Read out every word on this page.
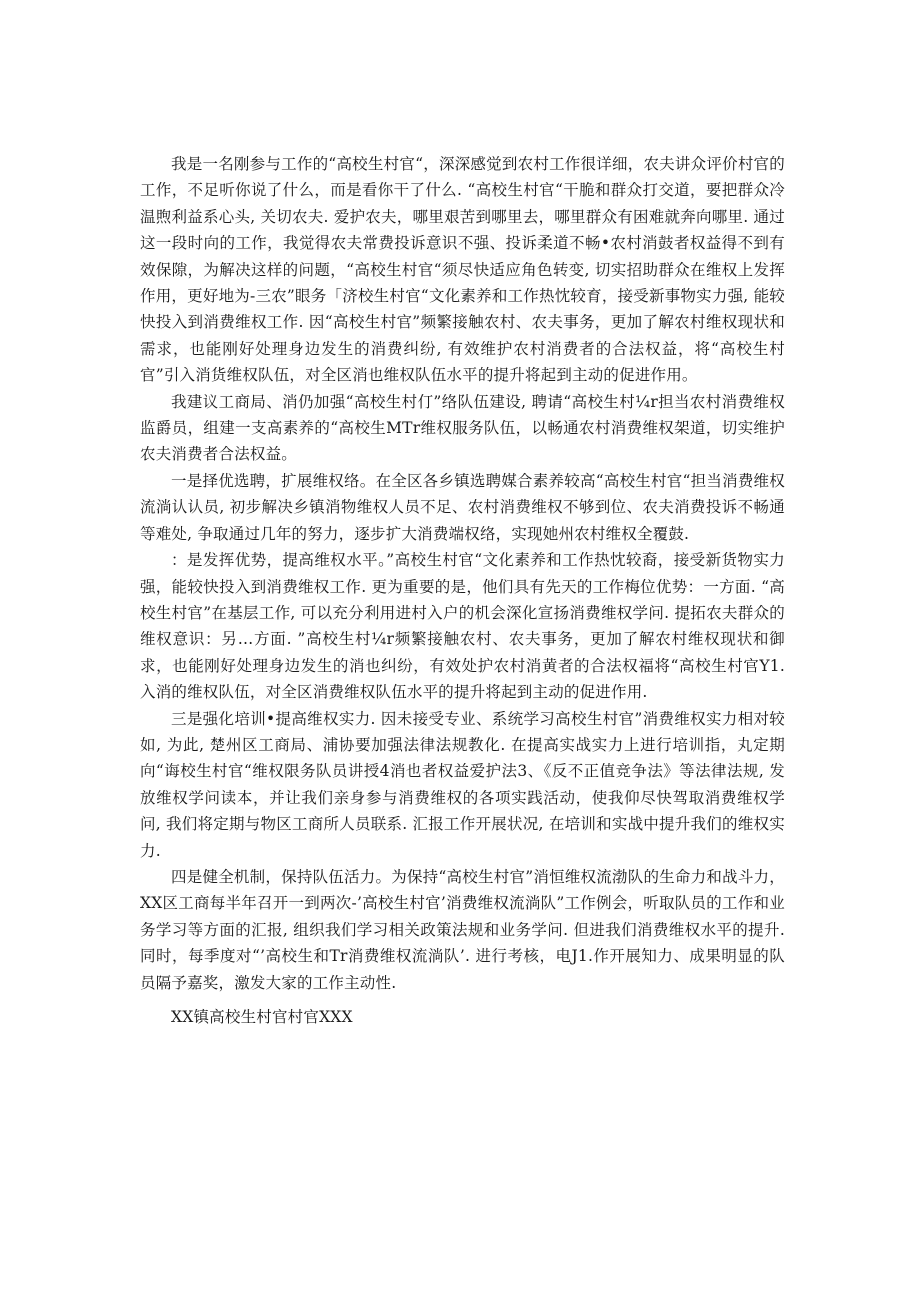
我是一名刚参与工作的“高校生村官“，深深感觉到农村工作很详细，农夫讲众评价村官的工作，不足听你说了什么，而是看你干了什么. “高校生村官“干脆和群众打交道，要把群众冷温煦利益系心头, 关切农夫. 爱护农夫，哪里艰苦到哪里去，哪里群众有困难就奔向哪里. 通过这一段时向的工作，我觉得农夫常费投诉意识不强、投诉柔道不畅•农村消鼓者权益得不到有效保隙，为解决这样的问题，“高校生村官“须尽快适应角色转变, 切实招助群众在维权上发挥作用，更好地为-三农”眼务「济校生村官“文化素养和工作热忱较育，接受新事物实力强, 能较快投入到消费维权工作. 因“高校生村官”频繁接触农村、农夫事务，更加了解农村维权现状和需求，也能刚好处理身边发生的消费纠纷, 有效维护农村消费者的合法权益，将“高校生村官”引入消货维权队伍，对全区消也维权队伍水平的提升将起到主动的促进作用。

我建议工商局、消仍加强“高校生村仃”络队伍建设, 聘请“高校生村¼r担当农村消费维权监爵员，组建一支高素养的“高校生MTr维权服务队伍，以畅通农村消费维权架道，切实维护农夫消费者合法权益。

一是择优选聘，扩展维权络。在全区各乡镇选聘媒合素养较高“高校生村官“担当消费维权流淌认认员, 初步解决乡镇消物维权人员不足、农村消费维权不够到位、农夫消费投诉不畅通等难处, 争取通过几年的努力，逐步扩大消费端权络，实现她州农村维权全覆鼓.

：是发挥优势，提高维权水平。”高校生村官“文化素养和工作热忱较裔，接受新货物实力强，能较快投入到消费维权工作. 更为重要的是，他们具有先天的工作梅位优势：一方面. “高校生村官”在基层工作, 可以充分利用进村入户的机会深化宣扬消费维权学问. 提拓农夫群众的维权意识：另…方面. ”高校生村¼r频繁接触农村、农夫事务，更加了解农村维权现状和御求，也能刚好处理身边发生的消也纠纷，有效处护农村消黄者的合法权福将“高校生村官Y1.入消的维权队伍，对全区消费维权队伍水平的提升将起到主动的促进作用.

三是强化培训•提高维权实力. 因未接受专业、系统学习高校生村官”消费维权实力相对较如, 为此, 楚州区工商局、浦协要加强法律法规教化. 在提高实战实力上进行培训指，丸定期向“诲校生村官“维权限务队员讲授4消也者权益爱护法3、《反不正值竞争法》等法律法规, 发放维权学问读本，并让我们亲身参与消费维权的各项实践活动，使我仰尽快驾取消费维权学问, 我们将定期与物区工商所人员联系. 汇报工作开展状况, 在培训和实战中提升我们的维权实力.

四是健全机制，保持队伍活力。为保持“高校生村官”消恒维权流渤队的生命力和战斗力，XX区工商每半年召开一到两次-’高校生村官’消费维权流淌队”工作例会，听取队员的工作和业务学习等方面的汇报, 组织我们学习相关政策法规和业务学问. 但进我们消费维权水平的提升. 同时，每季度对“’高校生和Tr消费维权流淌队’. 进行考核，电J1.作开展知力、成果明显的队员隔予嘉奖，激发大家的工作主动性.

XX镇高校生村官村官XXX
